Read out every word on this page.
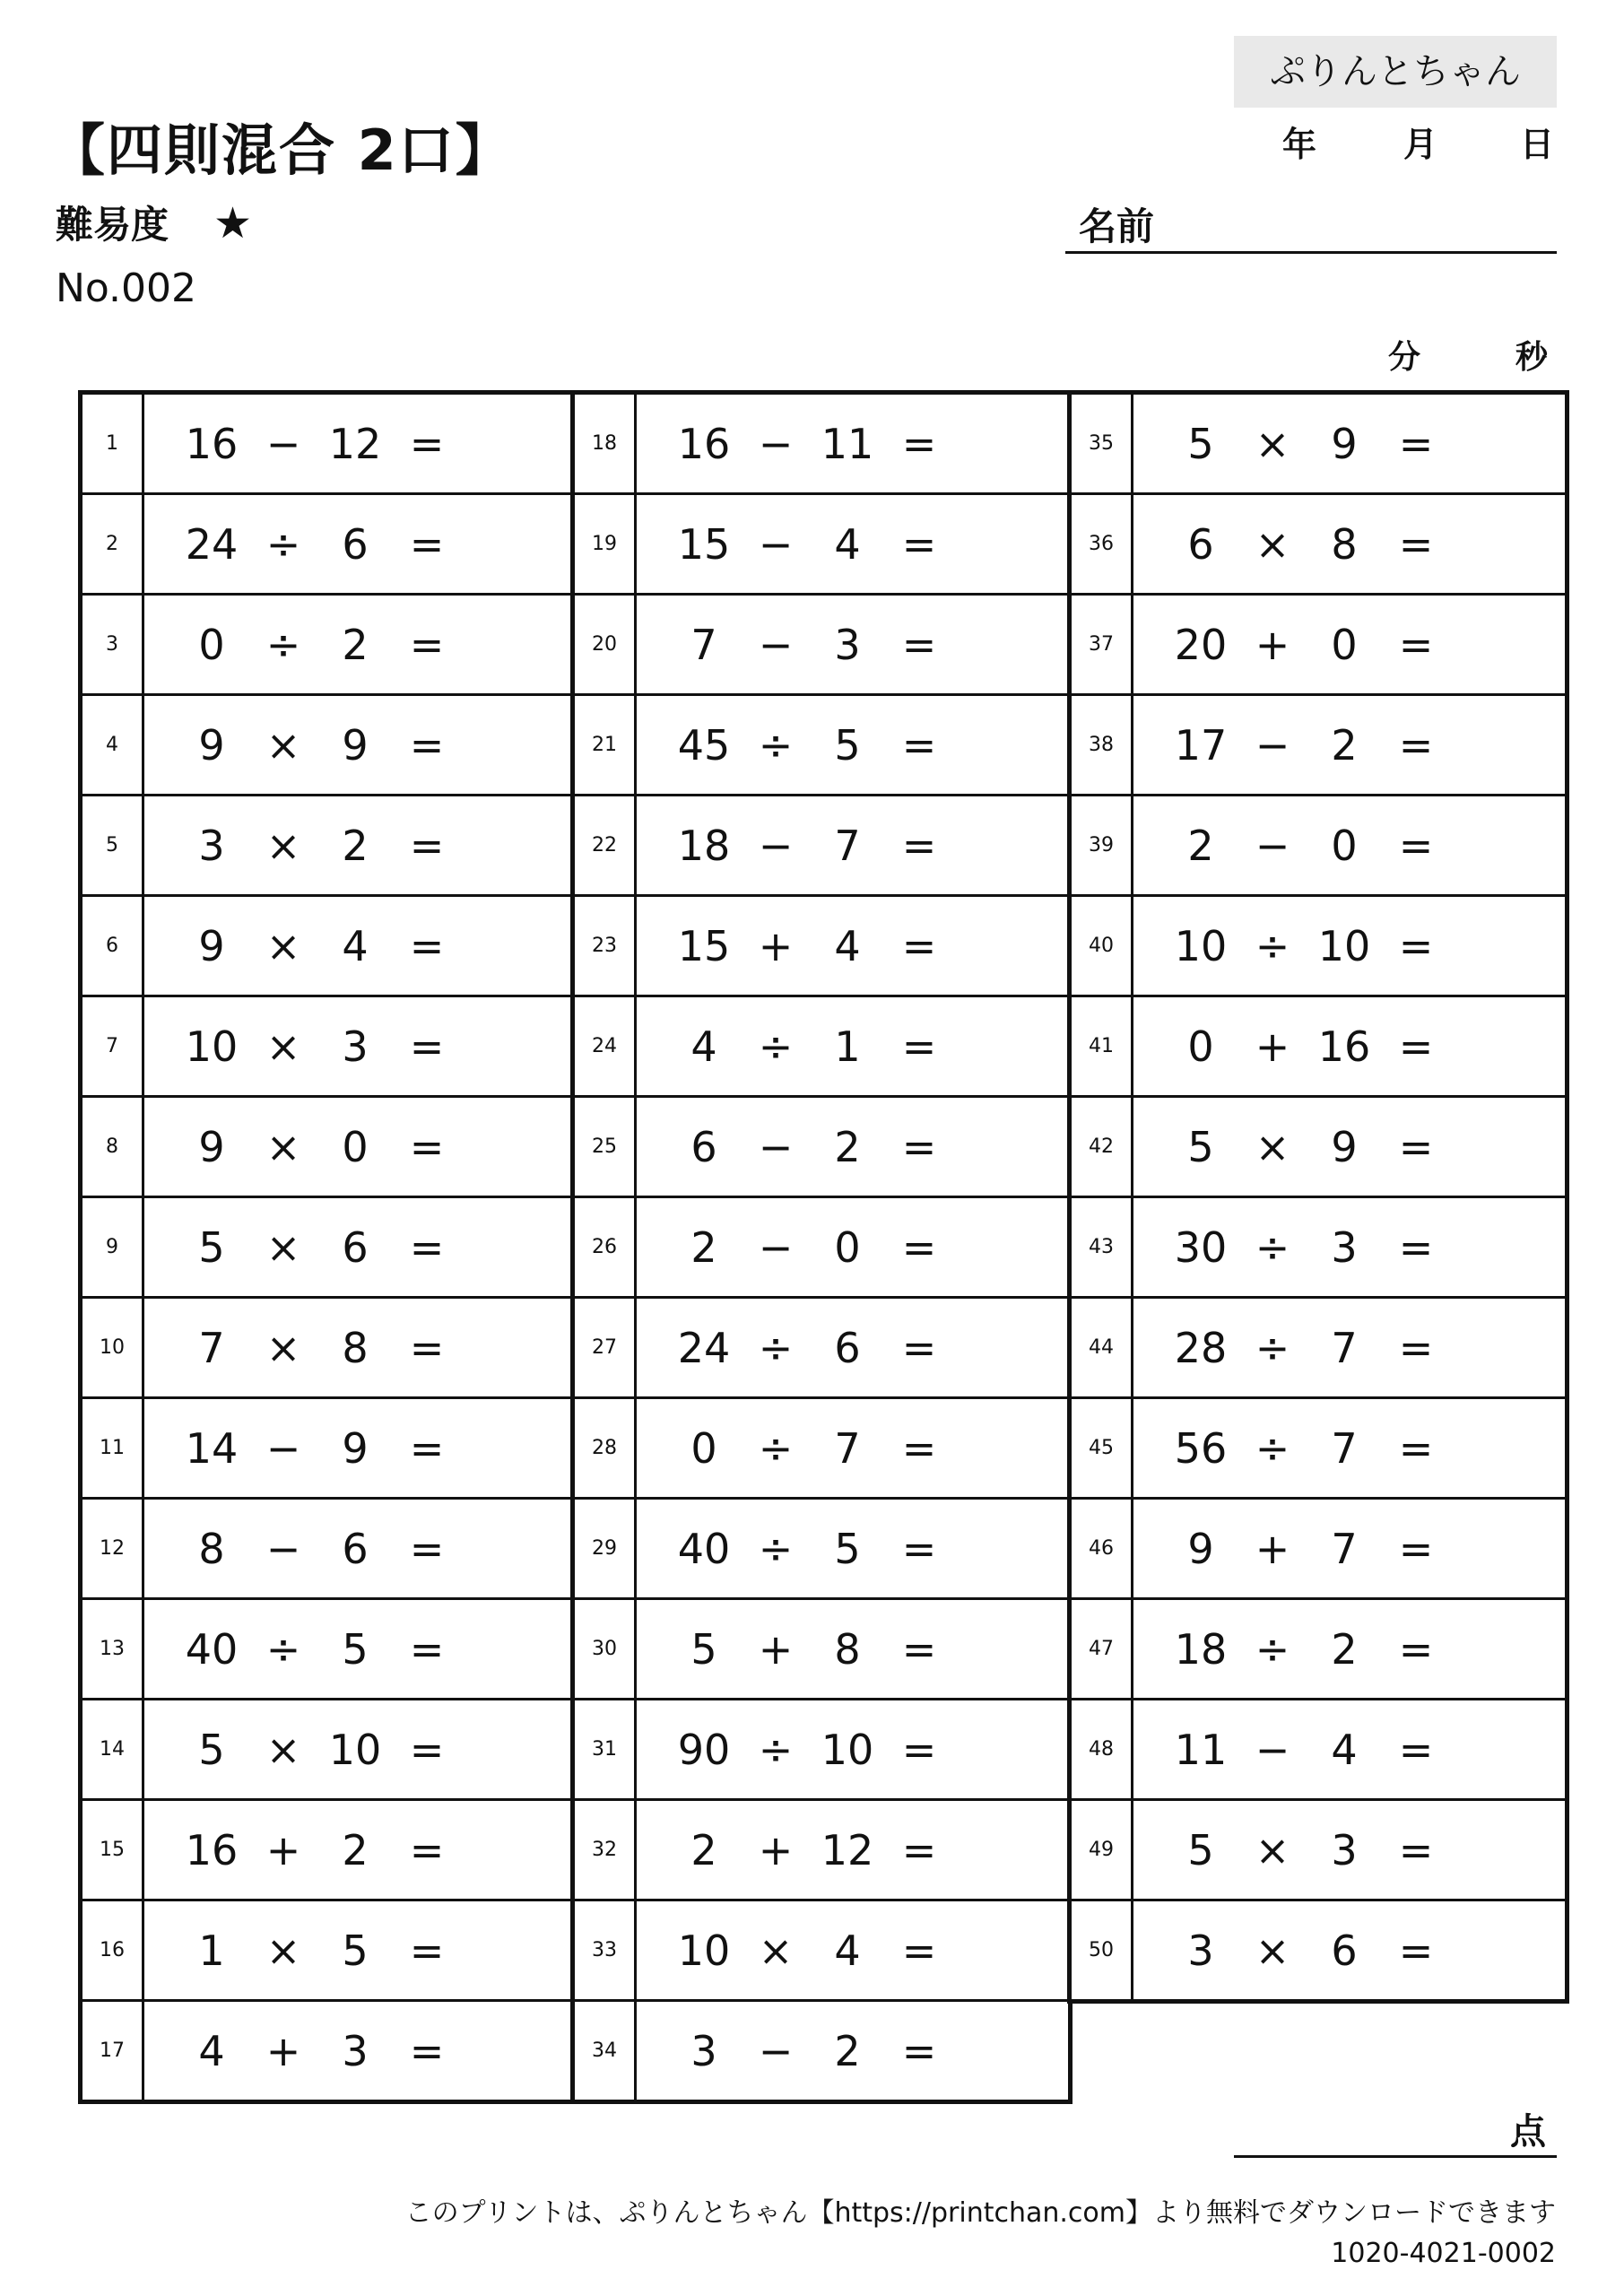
ぷりんとちゃん
【四則混合 2口】	年	月 日
難易度 ★	名前
No.002
分	秒
1	16 − 12 =
2	24 ÷ 6 =
3	0 ÷ 2 =
4	9 × 9 =
5	3 × 2 =
6	9 × 4 =
7	10 × 3 =
8	9 × 0 =
9	5 × 6 =
10	7 × 8 =
11	14 − 9 =
12	8 − 6 =
13	40 ÷ 5 =
14	5 × 10 =
15	16 + 2 =
16	1 × 5 =
17	4 + 3 =
18	16 − 11 =
19	15 − 4 =
20	7 − 3 =
21	45 ÷ 5 =
22	18 − 7 =
23	15 + 4 =
24	4 ÷ 1 =
25	6 − 2 =
26	2 − 0 =
27	24 ÷ 6 =
28	0 ÷ 7 =
29	40 ÷ 5 =
30	5 + 8 =
31	90 ÷ 10 =
32	2 + 12 =
33	10 × 4 =
34	3 − 2 =
35	5 × 9 =
36	6 × 8 =
37	20 + 0 =
38	17 − 2 =
39	2 − 0 =
40	10 ÷ 10 =
41	0 + 16 =
42	5 × 9 =
43	30 ÷ 3 =
44	28 ÷ 7 =
45	56 ÷ 7 =
46	9 + 7 =
47	18 ÷ 2 =
48	11 − 4 =
49	5 × 3 =
50	3 × 6 =
点
このプリントは、ぷりんとちゃん【https://printchan.com】より無料でダウンロードできます
1020-4021-0002
